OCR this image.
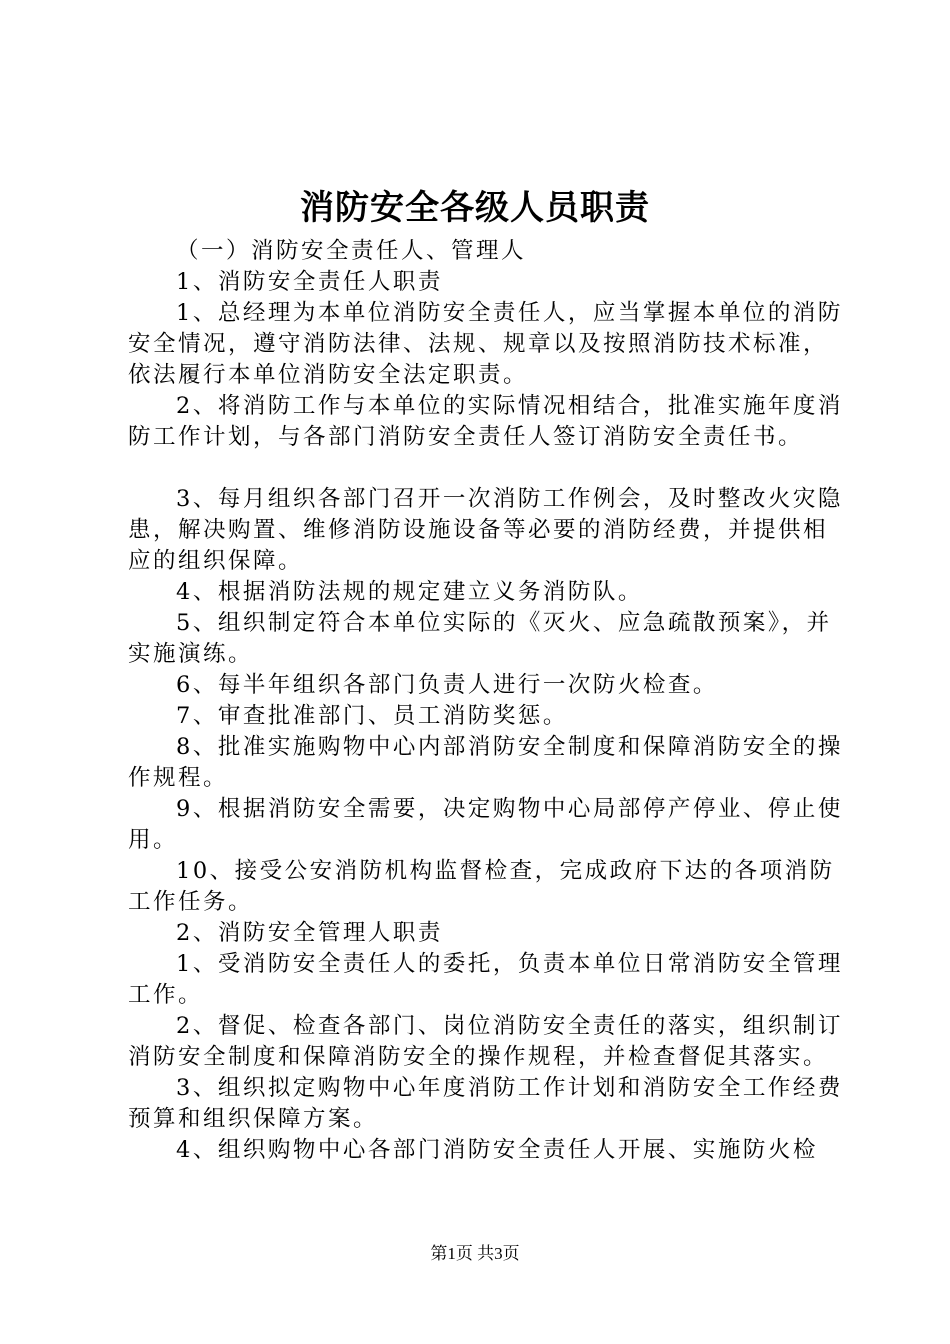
消防安全各级人员职责

（一）消防安全责任人、管理人

1、消防安全责任人职责

1、总经理为本单位消防安全责任人，应当掌握本单位的消防安全情况，遵守消防法律、法规、规章以及按照消防技术标准，依法履行本单位消防安全法定职责。

2、将消防工作与本单位的实际情况相结合，批准实施年度消防工作计划，与各部门消防安全责任人签订消防安全责任书。

3、每月组织各部门召开一次消防工作例会，及时整改火灾隐患，解决购置、维修消防设施设备等必要的消防经费，并提供相应的组织保障。

4、根据消防法规的规定建立义务消防队。

5、组织制定符合本单位实际的《灭火、应急疏散预案》，并实施演练。

6、每半年组织各部门负责人进行一次防火检查。

7、审查批准部门、员工消防奖惩。

8、批准实施购物中心内部消防安全制度和保障消防安全的操作规程。

9、根据消防安全需要，决定购物中心局部停产停业、停止使用。

10、接受公安消防机构监督检查，完成政府下达的各项消防工作任务。

2、消防安全管理人职责

1、受消防安全责任人的委托，负责本单位日常消防安全管理工作。

2、督促、检查各部门、岗位消防安全责任的落实，组织制订消防安全制度和保障消防安全的操作规程，并检查督促其落实。

3、组织拟定购物中心年度消防工作计划和消防安全工作经费预算和组织保障方案。

4、组织购物中心各部门消防安全责任人开展、实施防火检

第1页 共3页
